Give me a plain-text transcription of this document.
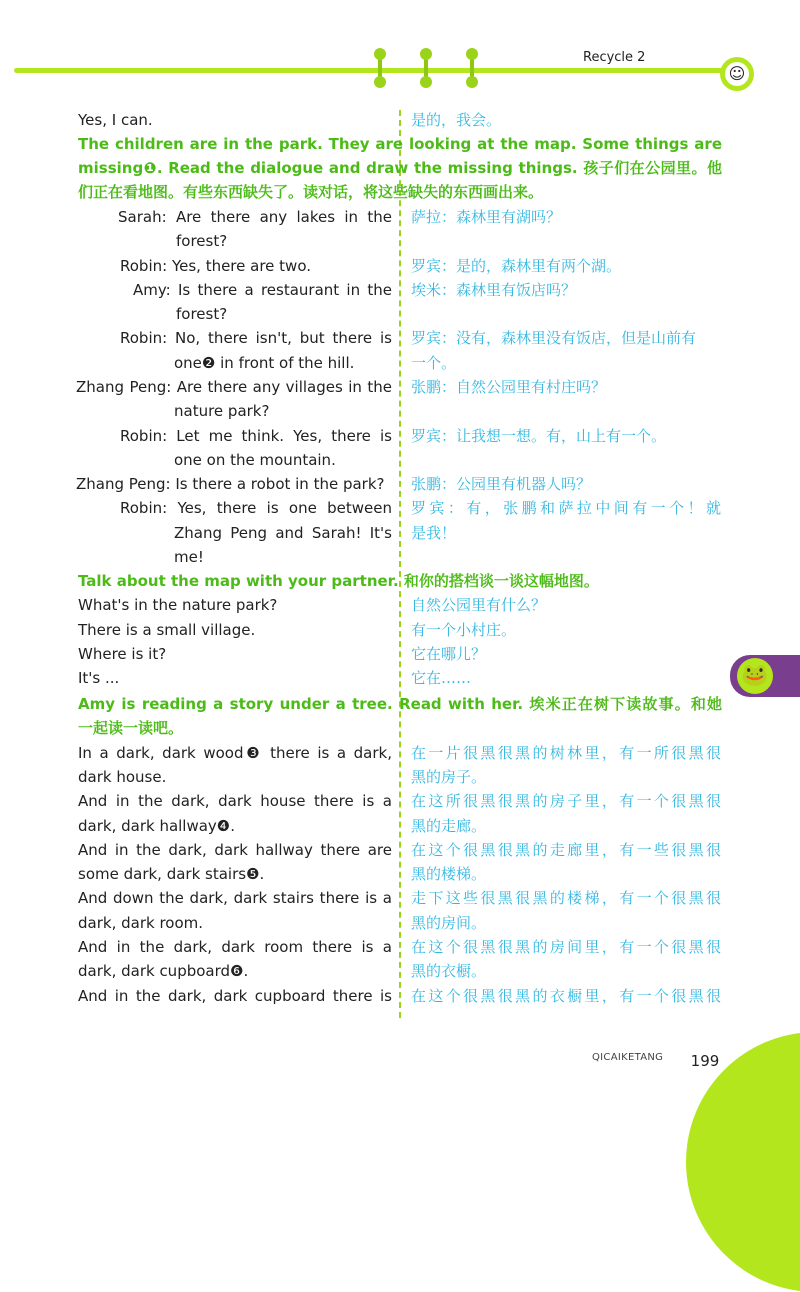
Recycle 2
☺
🐸
Yes, I can.	是的，我会。
The children are in the park. They are looking at the map. Some things are
missing❶. Read the dialogue and draw the missing things. 孩子们在公园里。他
们正在看地图。有些东西缺失了。读对话，将这些缺失的东西画出来。
Sarah: Are there any lakes in the 萨拉：森林里有湖吗？
forest?
Robin: Yes, there are two.	罗宾：是的，森林里有两个湖。
Amy: Is there a restaurant in the 埃米：森林里有饭店吗？
forest?
Robin: No, there isn't, but there is 罗宾：没有，森林里没有饭店，但是山前有
one❷ in front of the hill.	一个。
Zhang Peng: Are there any villages in the 张鹏：自然公园里有村庄吗？
nature park?
Robin: Let me think. Yes, there is 罗宾：让我想一想。有，山上有一个。
one on the mountain.
Zhang Peng: Is there a robot in the park? 张鹏：公园里有机器人吗？
Robin: Yes, there is one between 罗宾：有，张鹏和萨拉中间有一个！就
Zhang Peng and Sarah! It's 是我！
me!
Talk about the map with your partner. 和你的搭档谈一谈这幅地图。
What's in the nature park?	自然公园里有什么？
There is a small village.	有一个小村庄。
Where is it?	它在哪儿？
It's ...	它在……
Amy is reading a story under a tree. Read with her. 埃米正在树下读故事。和她
一起读一读吧。
In a dark, dark wood❸ there is a dark, 在一片很黑很黑的树林里，有一所很黑很
dark house.	黑的房子。
And in the dark, dark house there is a 在这所很黑很黑的房子里，有一个很黑很
dark, dark hallway❹.	黑的走廊。
And in the dark, dark hallway there are 在这个很黑很黑的走廊里，有一些很黑很
some dark, dark stairs❺.	黑的楼梯。
And down the dark, dark stairs there is a 走下这些很黑很黑的楼梯，有一个很黑很
dark, dark room.	黑的房间。
And in the dark, dark room there is a 在这个很黑很黑的房间里，有一个很黑很
dark, dark cupboard❻.	黑的衣橱。
And in the dark, dark cupboard there is 在这个很黑很黑的衣橱里，有一个很黑很
QICAIKETANG 199
